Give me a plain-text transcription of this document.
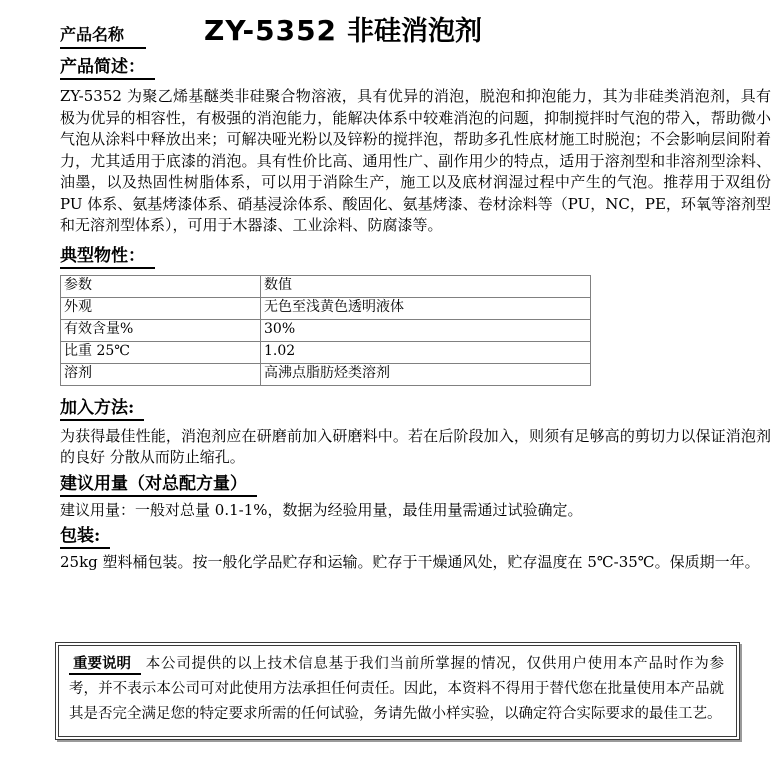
产品名称	ZY-5352 非硅消泡剂
产品简述：

ZY-5352 为聚乙烯基醚类非硅聚合物溶液，具有优异的消泡，脱泡和抑泡能力，其为非硅类消泡剂，具有极为优异的相容性，有极强的消泡能力，能解决体系中较难消泡的问题，抑制搅拌时气泡的带入，帮助微小气泡从涂料中释放出来；可解决哑光粉以及锌粉的搅拌泡，帮助多孔性底材施工时脱泡；不会影响层间附着力，尤其适用于底漆的消泡。具有性价比高、通用性广、副作用少的特点，适用于溶剂型和非溶剂型涂料、油墨，以及热固性树脂体系，可以用于消除生产，施工以及底材润湿过程中产生的气泡。推荐用于双组份 PU 体系、氨基烤漆体系、硝基浸涂体系、酸固化、氨基烤漆、卷材涂料等（PU，NC，PE，环氧等溶剂型和无溶剂型体系），可用于木器漆、工业涂料、防腐漆等。

典型物性：
参数	数值
外观	无色至浅黄色透明液体
有效含量%	30%
比重 25℃	1.02
溶剂	高沸点脂肪烃类溶剂
加入方法:

为获得最佳性能，消泡剂应在研磨前加入研磨料中。若在后阶段加入，则须有足够高的剪切力以保证消泡剂的良好 分散从而防止缩孔。

建议用量（对总配方量）

建议用量：一般对总量 0.1-1%，数据为经验用量，最佳用量需通过试验确定。

包装:

25kg 塑料桶包装。按一般化学品贮存和运输。贮存于干燥通风处，贮存温度在 5℃-35℃。保质期一年。

重要说明 本公司提供的以上技术信息基于我们当前所掌握的情况，仅供用户使用本产品时作为参考，并不表示本公司可对此使用方法承担任何责任。因此，本资料不得用于替代您在批量使用本产品就其是否完全满足您的特定要求所需的任何试验，务请先做小样实验，以确定符合实际要求的最佳工艺。
